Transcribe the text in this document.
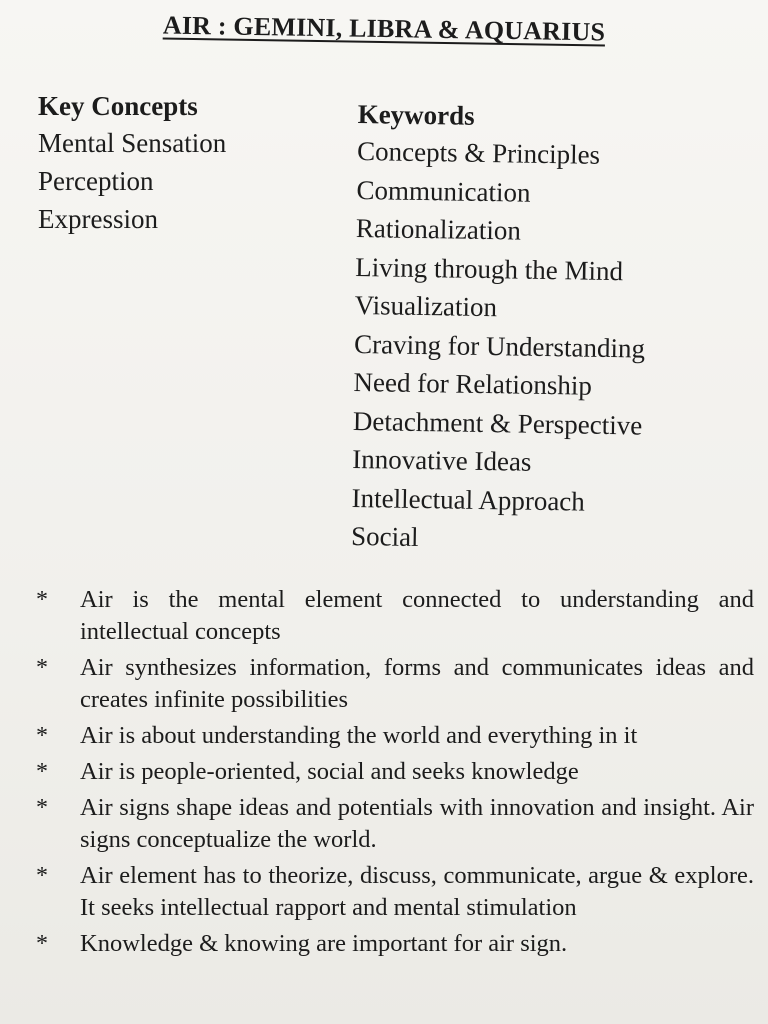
AIR : GEMINI, LIBRA & AQUARIUS
Key Concepts
Mental Sensation
Perception
Expression
Keywords
Concepts & Principles
Communication
Rationalization
Living through the Mind
Visualization
Craving for Understanding
Need for Relationship
Detachment & Perspective
Innovative Ideas
Intellectual Approach
Social
* Air is the mental element connected to understanding and intellectual concepts
* Air synthesizes information, forms and communicates ideas and creates infinite possibilities
* Air is about understanding the world and everything in it
* Air is people-oriented, social and seeks knowledge
* Air signs shape ideas and potentials with innovation and insight. Air signs conceptualize the world.
* Air element has to theorize, discuss, communicate, argue & explore. It seeks intellectual rapport and mental stimulation
* Knowledge & knowing are important for air sign.
